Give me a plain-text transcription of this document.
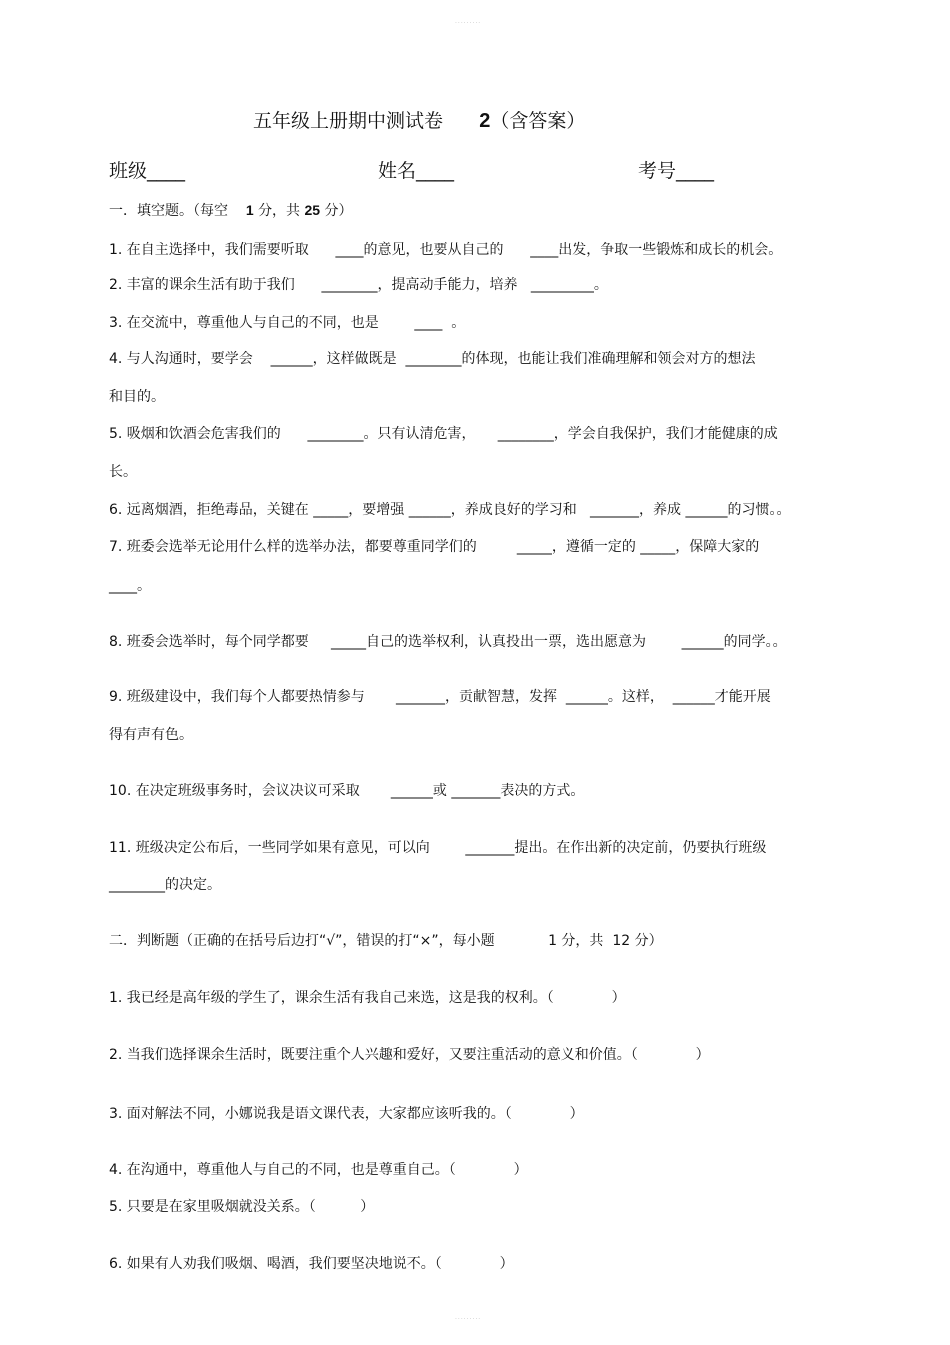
·········
五年级上册期中测试卷 2（含答案）
班级____	姓名____	考号____
一．填空题。（每空 1 分，共 25 分）
1. 在自主选择中，我们需要听取      ____的意见，也要从自己的      ____出发，争取一些锻炼和成长的机会。
2. 丰富的课余生活有助于我们      ________，提高动手能力，培养   _________。
3. 在交流中，尊重他人与自己的不同，也是        ____  。
4. 与人沟通时，要学会    ______，这样做既是  ________的体现，也能让我们准确理解和领会对方的想法
和目的。
5. 吸烟和饮酒会危害我们的      ________。只有认清危害，     ________，学会自我保护，我们才能健康的成
长。
6. 远离烟酒，拒绝毒品，关键在 _____，要增强 ______，养成良好的学习和   _______，养成 ______的习惯。。
7. 班委会选举无论用什么样的选举办法，都要尊重同学们的         _____，遵循一定的 _____，保障大家的
____。
8. 班委会选举时，每个同学都要     _____自己的选举权利，认真投出一票，选出愿意为        ______的同学。。
9. 班级建设中，我们每个人都要热情参与       _______，贡献智慧，发挥  ______。这样，  ______才能开展
得有声有色。
10. 在决定班级事务时，会议决议可采取       ______或 _______表决的方式。
11. 班级决定公布后，一些同学如果有意见，可以向        _______提出。在作出新的决定前，仍要执行班级
________的决定。
二．判断题（正确的在括号后边打“√”，错误的打“×”，每小题            1 分，共  12 分）
1. 我已经是高年级的学生了，课余生活有我自己来选，这是我的权利。（             ）
2. 当我们选择课余生活时，既要注重个人兴趣和爱好，又要注重活动的意义和价值。（             ）
3. 面对解法不同，小娜说我是语文课代表，大家都应该听我的。（             ）
4. 在沟通中，尊重他人与自己的不同，也是尊重自己。（             ）
5. 只要是在家里吸烟就没关系。（          ）
6. 如果有人劝我们吸烟、喝酒，我们要坚决地说不。（             ）
·········
